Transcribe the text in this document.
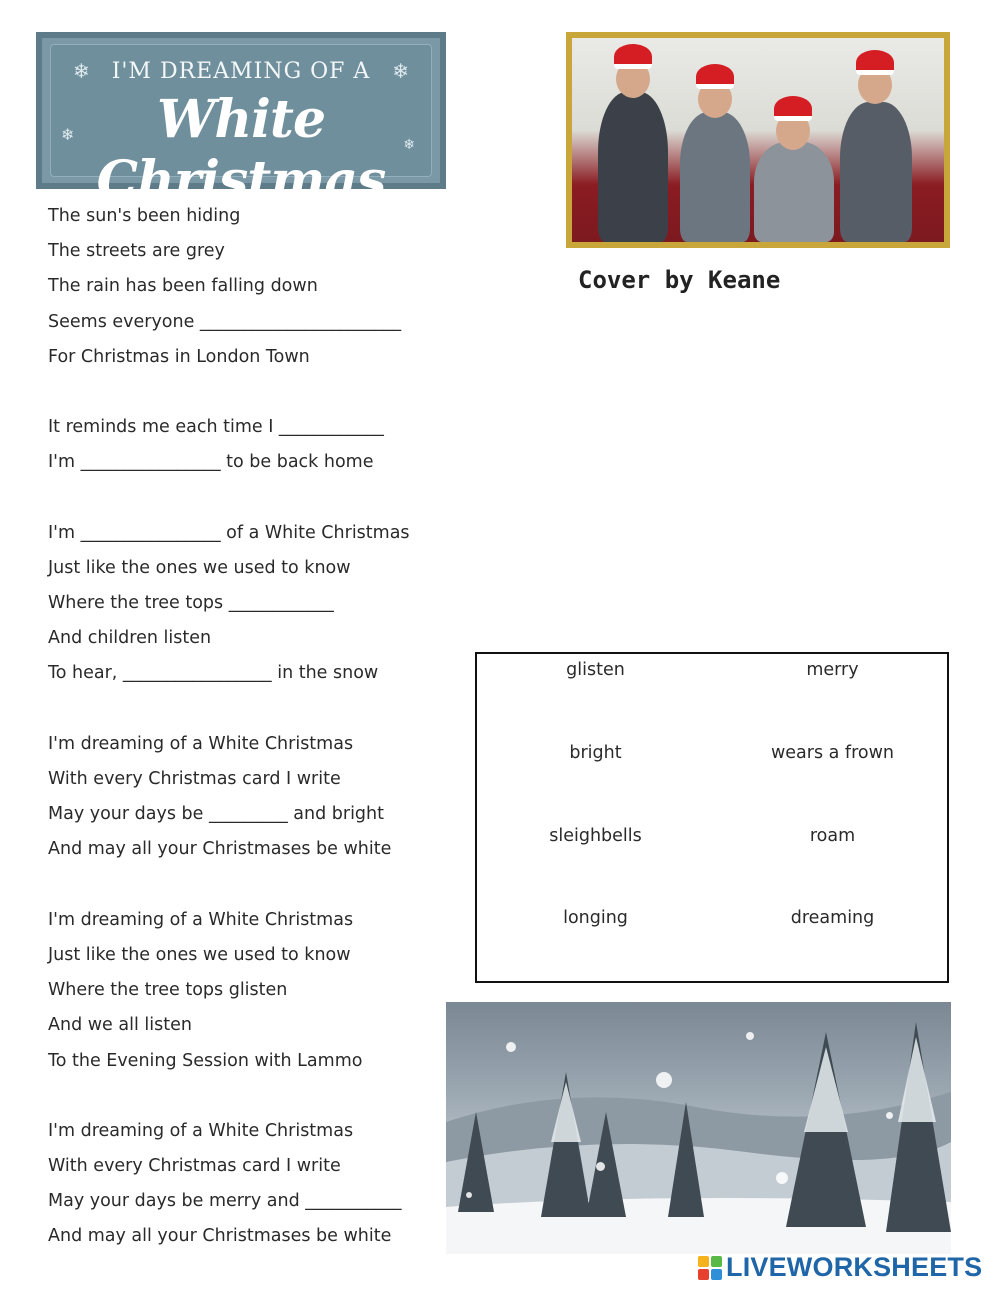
❄	❄
❄
❄
I'M DREAMING OF A
White Christmas
Cover by Keane
The sun's been hiding
The streets are grey
The rain has been falling down
Seems everyone _______________________
For Christmas in London Town
It reminds me each time I ____________
I'm ________________ to be back home
I'm ________________ of a White Christmas
Just like the ones we used to know
Where the tree tops ____________
And children listen
To hear, _________________ in the snow
I'm dreaming of a White Christmas
With every Christmas card I write
May your days be _________ and bright
And may all your Christmases be white
I'm dreaming of a White Christmas
Just like the ones we used to know
Where the tree tops glisten
And we all listen
To the Evening Session with Lammo
I'm dreaming of a White Christmas
With every Christmas card I write
May your days be merry and ___________
And may all your Christmases be white
glisten	merry
bright	wears a frown
sleighbells	roam
longing	dreaming
LIVEWORKSHEETS
